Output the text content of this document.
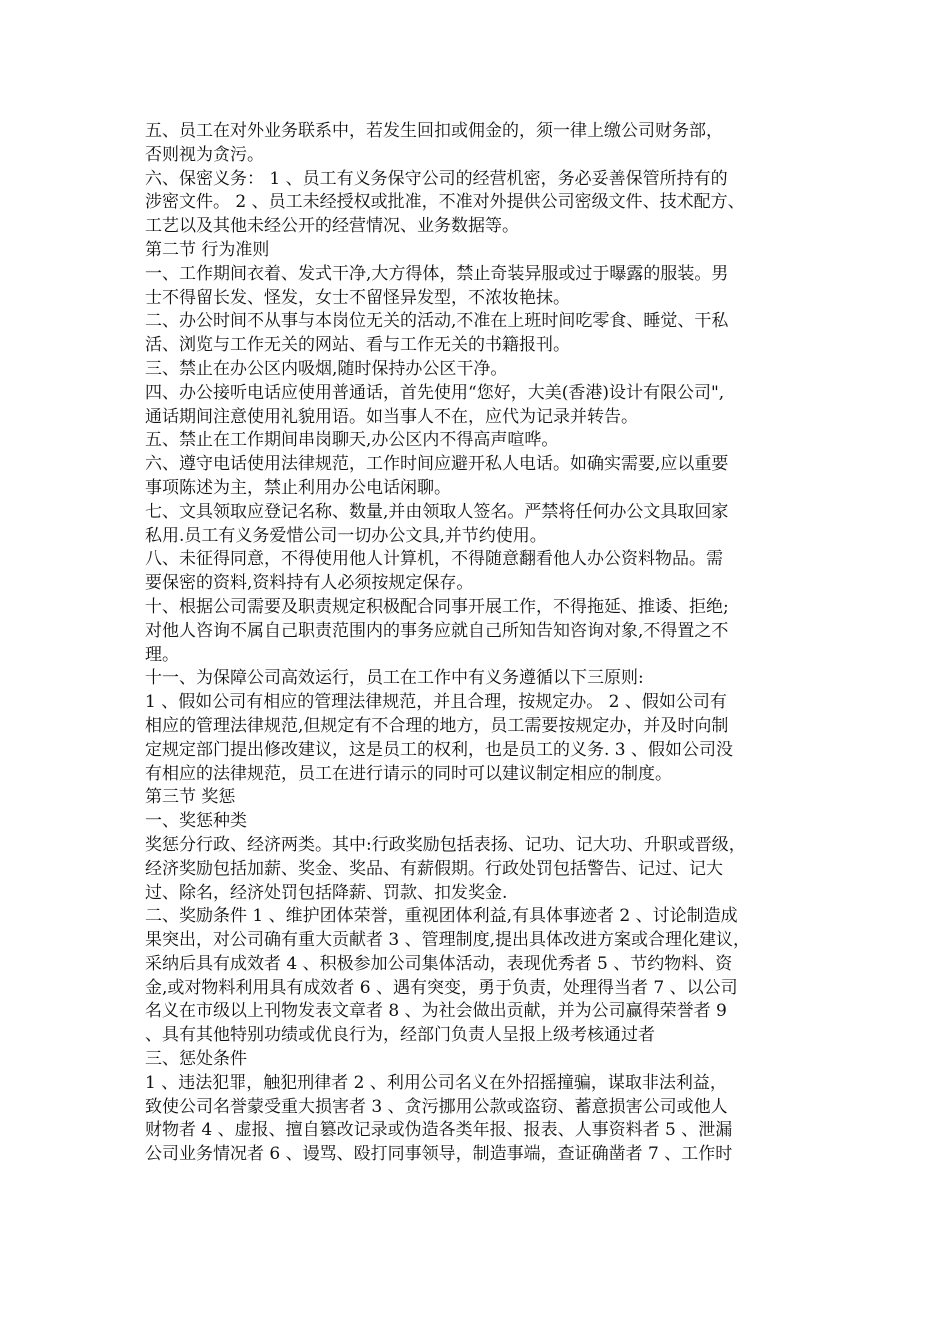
五、员工在对外业务联系中，若发生回扣或佣金的，须一律上缴公司财务部，
否则视为贪污。
六、保密义务： 1 、员工有义务保守公司的经营机密，务必妥善保管所持有的
涉密文件。 2 、员工未经授权或批准，不准对外提供公司密级文件、技术配方、
工艺以及其他未经公开的经营情况、业务数据等。
第二节 行为准则
一、工作期间衣着、发式干净,大方得体，禁止奇装异服或过于曝露的服装。男
士不得留长发、怪发，女士不留怪异发型，不浓妆艳抹。
二、办公时间不从事与本岗位无关的活动,不准在上班时间吃零食、睡觉、干私
活、浏览与工作无关的网站、看与工作无关的书籍报刊。
三、禁止在办公区内吸烟,随时保持办公区干净。
四、办公接听电话应使用普通话，首先使用“您好，大美(香港)设计有限公司",
通话期间注意使用礼貌用语。如当事人不在，应代为记录并转告。
五、禁止在工作期间串岗聊天,办公区内不得高声喧哗。
六、遵守电话使用法律规范，工作时间应避开私人电话。如确实需要,应以重要
事项陈述为主，禁止利用办公电话闲聊。
七、文具领取应登记名称、数量,并由领取人签名。严禁将任何办公文具取回家
私用.员工有义务爱惜公司一切办公文具,并节约使用。
八、未征得同意，不得使用他人计算机，不得随意翻看他人办公资料物品。需
要保密的资料,资料持有人必须按规定保存。
十、根据公司需要及职责规定积极配合同事开展工作，不得拖延、推诿、拒绝;
对他人咨询不属自己职责范围内的事务应就自己所知告知咨询对象,不得置之不
理。
十一、为保障公司高效运行，员工在工作中有义务遵循以下三原则:
1 、假如公司有相应的管理法律规范，并且合理，按规定办。 2 、假如公司有
相应的管理法律规范,但规定有不合理的地方，员工需要按规定办，并及时向制
定规定部门提出修改建议，这是员工的权利，也是员工的义务. 3 、假如公司没
有相应的法律规范，员工在进行请示的同时可以建议制定相应的制度。
第三节 奖惩
一、奖惩种类
奖惩分行政、经济两类。其中:行政奖励包括表扬、记功、记大功、升职或晋级，
经济奖励包括加薪、奖金、奖品、有薪假期。行政处罚包括警告、记过、记大
过、除名，经济处罚包括降薪、罚款、扣发奖金.
二、奖励条件 1 、维护团体荣誉，重视团体利益,有具体事迹者 2 、讨论制造成
果突出，对公司确有重大贡献者 3 、管理制度,提出具体改进方案或合理化建议，
采纳后具有成效者 4 、积极参加公司集体活动，表现优秀者 5 、节约物料、资
金,或对物料利用具有成效者 6 、遇有突变，勇于负责，处理得当者 7 、以公司
名义在市级以上刊物发表文章者 8 、为社会做出贡献，并为公司赢得荣誉者 9
、具有其他特别功绩或优良行为，经部门负责人呈报上级考核通过者
三、惩处条件
1 、违法犯罪，触犯刑律者 2 、利用公司名义在外招摇撞骗，谋取非法利益，
致使公司名誉蒙受重大损害者 3 、贪污挪用公款或盗窃、蓄意损害公司或他人
财物者 4 、虚报、擅自篡改记录或伪造各类年报、报表、人事资料者 5 、泄漏
公司业务情况者 6 、谩骂、殴打同事领导，制造事端，查证确凿者 7 、工作时
